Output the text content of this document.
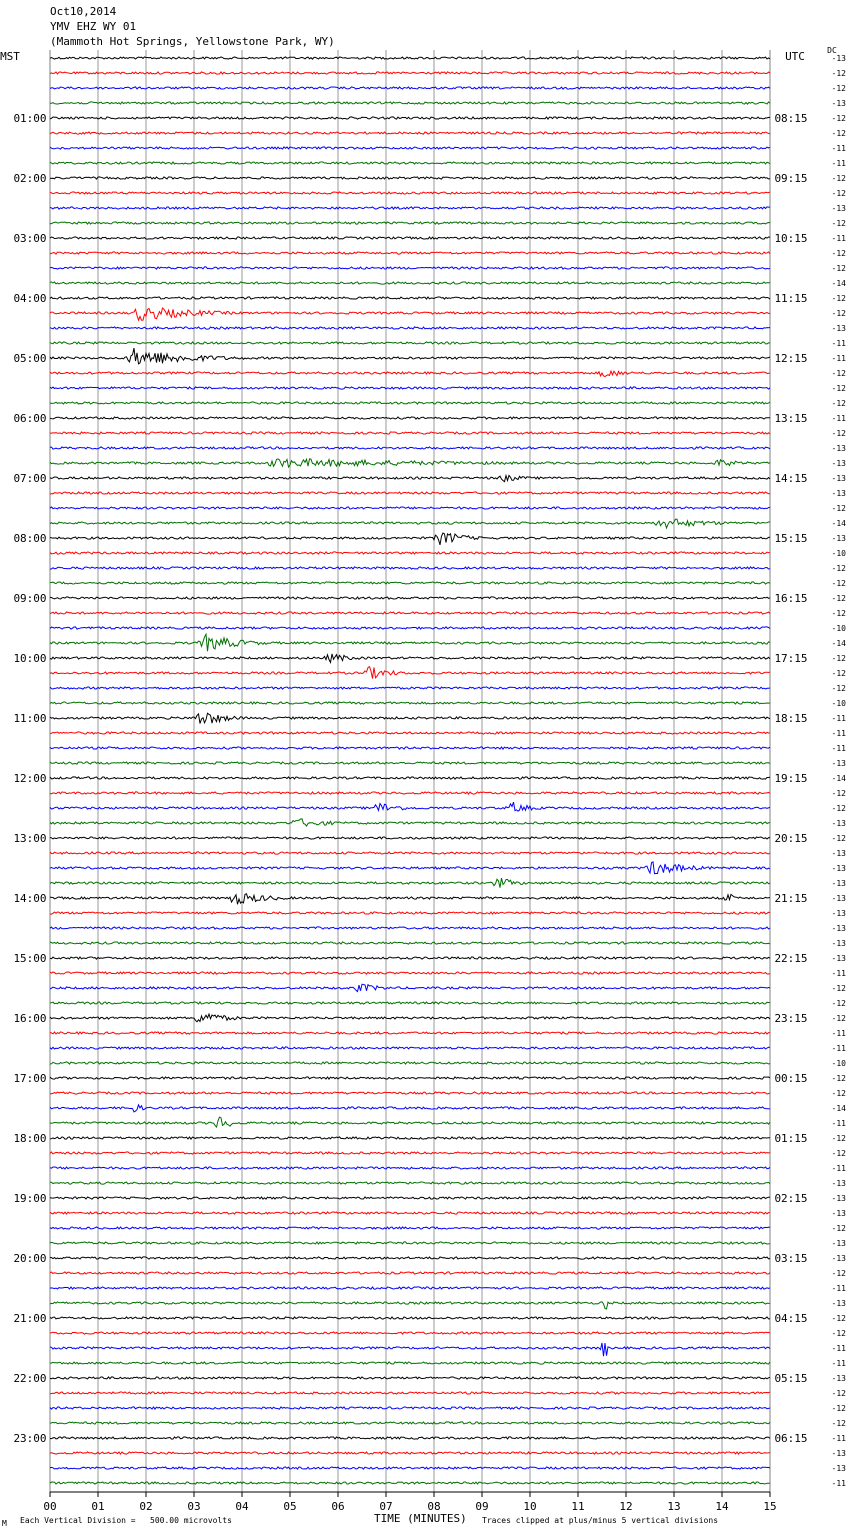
Oct10,2014
YMV EHZ WY 01
(Mammoth Hot Springs, Yellowstone Park, WY)
00	01	02	03	04	05	06	07	08	09	10	11	12	13	14	15
-13
-12
-12
-13
-12
-12
-11
-11
-12
-12
-13
-12
-11
-12
-12
-14
-12
-12
-13
-11
-11
-12
-12
-12
-11
-12
-13
-13
-13
-13
-12
-14
-13
-10
-12
-12
-12
-12
-10
-14
-12
-12
-12
-10
-11
-11
-11
-13
-14
-12
-12
-13
-12
-13
-13
-13
-13
-13
-13
-13
-13
-11
-12
-12
-12
-11
-11
-10
-12
-12
-14
-11
-12
-12
-11
-13
-13
-13
-12
-13
-13
-12
-11
-13
-12
-12
-11
-11
-13
-12
-12
-12
-11
-13
-13
-11
MST	UTC	DC
01:00
02:00
03:00
04:00
05:00
06:00
07:00
08:00
09:00
10:00
11:00
12:00
13:00
14:00
15:00
16:00
17:00
18:00
19:00
20:00
21:00
22:00
23:00
08:15
09:15
10:15
11:15
12:15
13:15
14:15
15:15
16:15
17:15
18:15
19:15
20:15
21:15
22:15
23:15
00:15
01:15
02:15
03:15
04:15
05:15
06:15
TIME (MINUTES)
M Each Vertical Division =   500.00 microvolts	Traces clipped at plus/minus 5 vertical divisions
